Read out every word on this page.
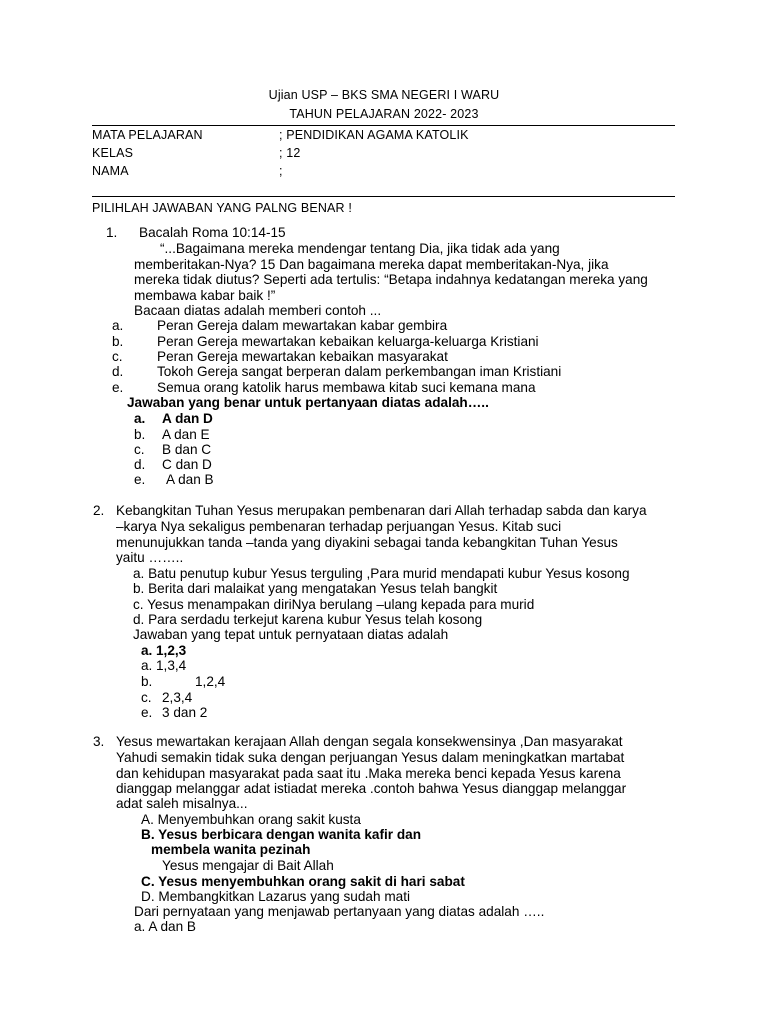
Ujian USP – BKS SMA NEGERI I WARU
TAHUN PELAJARAN 2022- 2023
MATA PELAJARAN	; PENDIDIKAN AGAMA KATOLIK
KELAS	; 12
NAMA	;
PILIHLAH JAWABAN YANG PALNG BENAR !
1. Bacalah Roma 10:14-15
“...Bagaimana mereka mendengar tentang Dia, jika tidak ada yang
memberitakan-Nya? 15 Dan bagaimana mereka dapat memberitakan-Nya, jika
mereka tidak diutus? Seperti ada tertulis: “Betapa indahnya kedatangan mereka yang
membawa kabar baik !”
Bacaan diatas adalah memberi contoh ...
a. Peran Gereja dalam mewartakan kabar gembira
b. Peran Gereja mewartakan kebaikan keluarga-keluarga Kristiani
c.	Peran Gereja mewartakan kebaikan masyarakat
d. Tokoh Gereja sangat berperan dalam perkembangan iman Kristiani
e. Semua orang katolik harus membawa kitab suci kemana mana
Jawaban yang benar untuk pertanyaan diatas adalah…..
a. A dan D
b. A dan E
c. B dan C
d. C dan D
e. A dan B
2. Kebangkitan Tuhan Yesus merupakan pembenaran dari Allah terhadap sabda dan karya
–karya Nya sekaligus pembenaran terhadap perjuangan Yesus. Kitab suci
menunujukkan tanda –tanda yang diyakini sebagai tanda kebangkitan Tuhan Yesus
yaitu ……..
a. Batu penutup kubur Yesus terguling ,Para murid mendapati kubur Yesus kosong
b. Berita dari malaikat yang mengatakan Yesus telah bangkit
c. Yesus menampakan diriNya berulang –ulang kepada para murid
d. Para serdadu terkejut karena kubur Yesus telah kosong
Jawaban yang tepat untuk pernyataan diatas adalah
a. 1,2,3
a. 1,3,4
b.	1,2,4
c. 2,3,4
e. 3 dan 2
3. Yesus mewartakan kerajaan Allah dengan segala konsekwensinya ,Dan masyarakat
Yahudi semakin tidak suka dengan perjuangan Yesus dalam meningkatkan martabat
dan kehidupan masyarakat pada saat itu .Maka mereka benci kepada Yesus karena
dianggap melanggar adat istiadat mereka .contoh bahwa Yesus dianggap melanggar
adat saleh misalnya...
A. Menyembuhkan orang sakit kusta
B. Yesus berbicara dengan wanita kafir dan
membela wanita pezinah
Yesus mengajar di Bait Allah
C. Yesus menyembuhkan orang sakit di hari sabat
D. Membangkitkan Lazarus yang sudah mati
Dari pernyataan yang menjawab pertanyaan yang diatas adalah …..
a. A dan B
